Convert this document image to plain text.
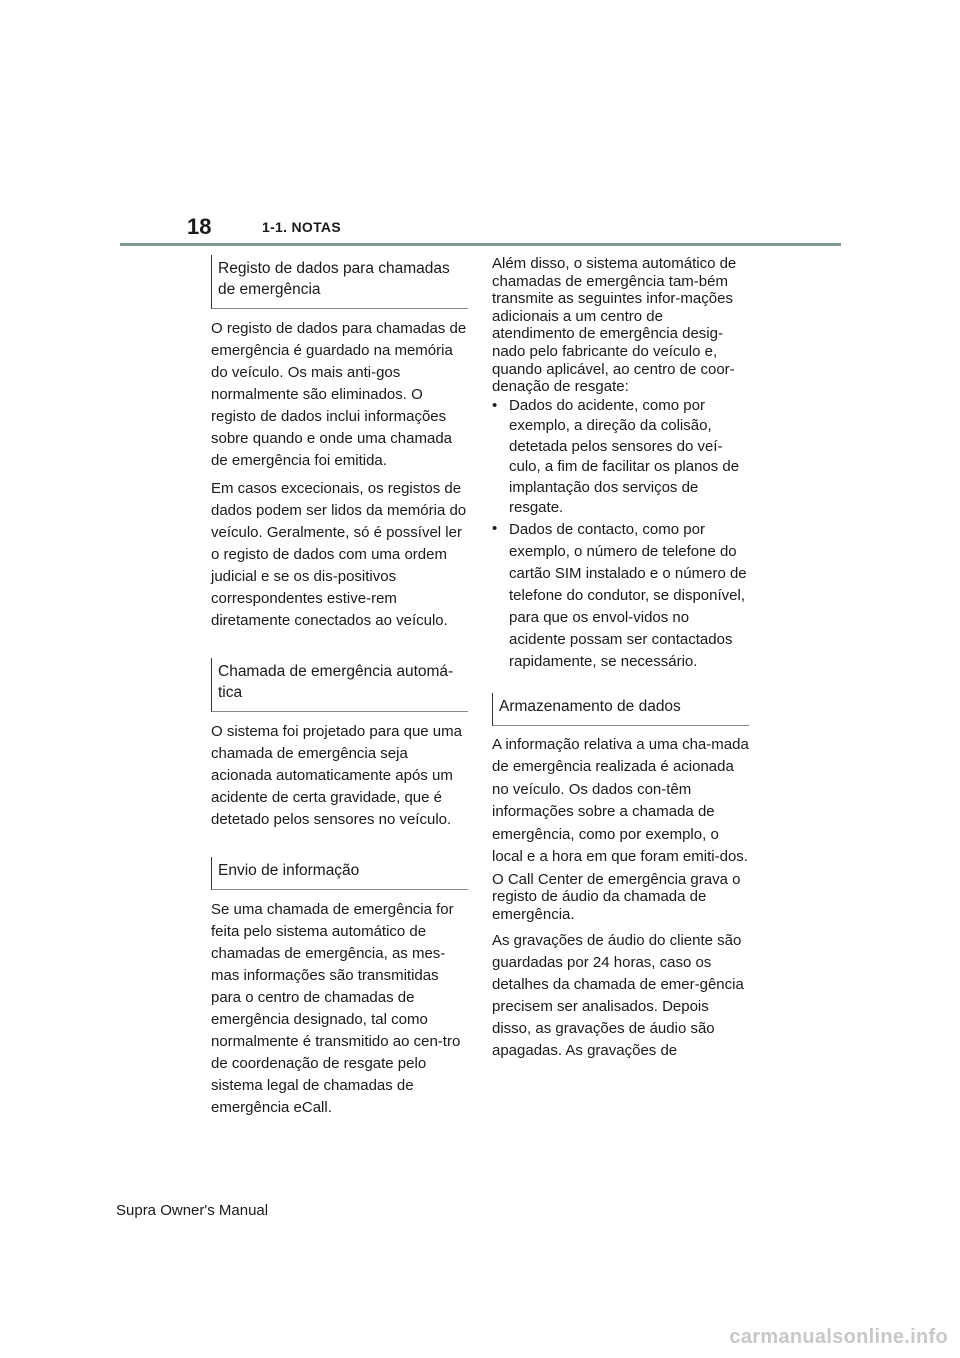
18	1-1. NOTAS
Registo de dados para chamadas de emergência

O registo de dados para chamadas de emergência é guardado na memória do veículo. Os mais anti-gos normalmente são eliminados. O registo de dados inclui informações sobre quando e onde uma chamada de emergência foi emitida.

Em casos excecionais, os registos de dados podem ser lidos da memória do veículo. Geralmente, só é possível ler o registo de dados com uma ordem judicial e se os dis-positivos correspondentes estive-rem diretamente conectados ao veículo.

Chamada de emergência automá-tica

O sistema foi projetado para que uma chamada de emergência seja acionada automaticamente após um acidente de certa gravidade, que é detetado pelos sensores no veículo.

Envio de informação

Se uma chamada de emergência for feita pelo sistema automático de chamadas de emergência, as mes-mas informações são transmitidas para o centro de chamadas de emergência designado, tal como normalmente é transmitido ao cen-tro de coordenação de resgate pelo sistema legal de chamadas de emergência eCall.

Além disso, o sistema automático de chamadas de emergência tam-bém transmite as seguintes infor-mações adicionais a um centro de atendimento de emergência desig-nado pelo fabricante do veículo e, quando aplicável, ao centro de coor-denação de resgate:

• Dados do acidente, como por exemplo, a direção da colisão, detetada pelos sensores do veí-culo, a fim de facilitar os planos de implantação dos serviços de resgate.
• Dados de contacto, como por exemplo, o número de telefone do cartão SIM instalado e o número de telefone do condutor, se disponível, para que os envol-vidos no acidente possam ser contactados rapidamente, se necessário.
Armazenamento de dados

A informação relativa a uma cha-mada de emergência realizada é acionada no veículo. Os dados con-têm informações sobre a chamada de emergência, como por exemplo, o local e a hora em que foram emiti-dos.

O Call Center de emergência grava o registo de áudio da chamada de emergência.

As gravações de áudio do cliente são guardadas por 24 horas, caso os detalhes da chamada de emer-gência precisem ser analisados. Depois disso, as gravações de áudio são apagadas. As gravações de

Supra Owner's Manual
carmanualsonline.info
